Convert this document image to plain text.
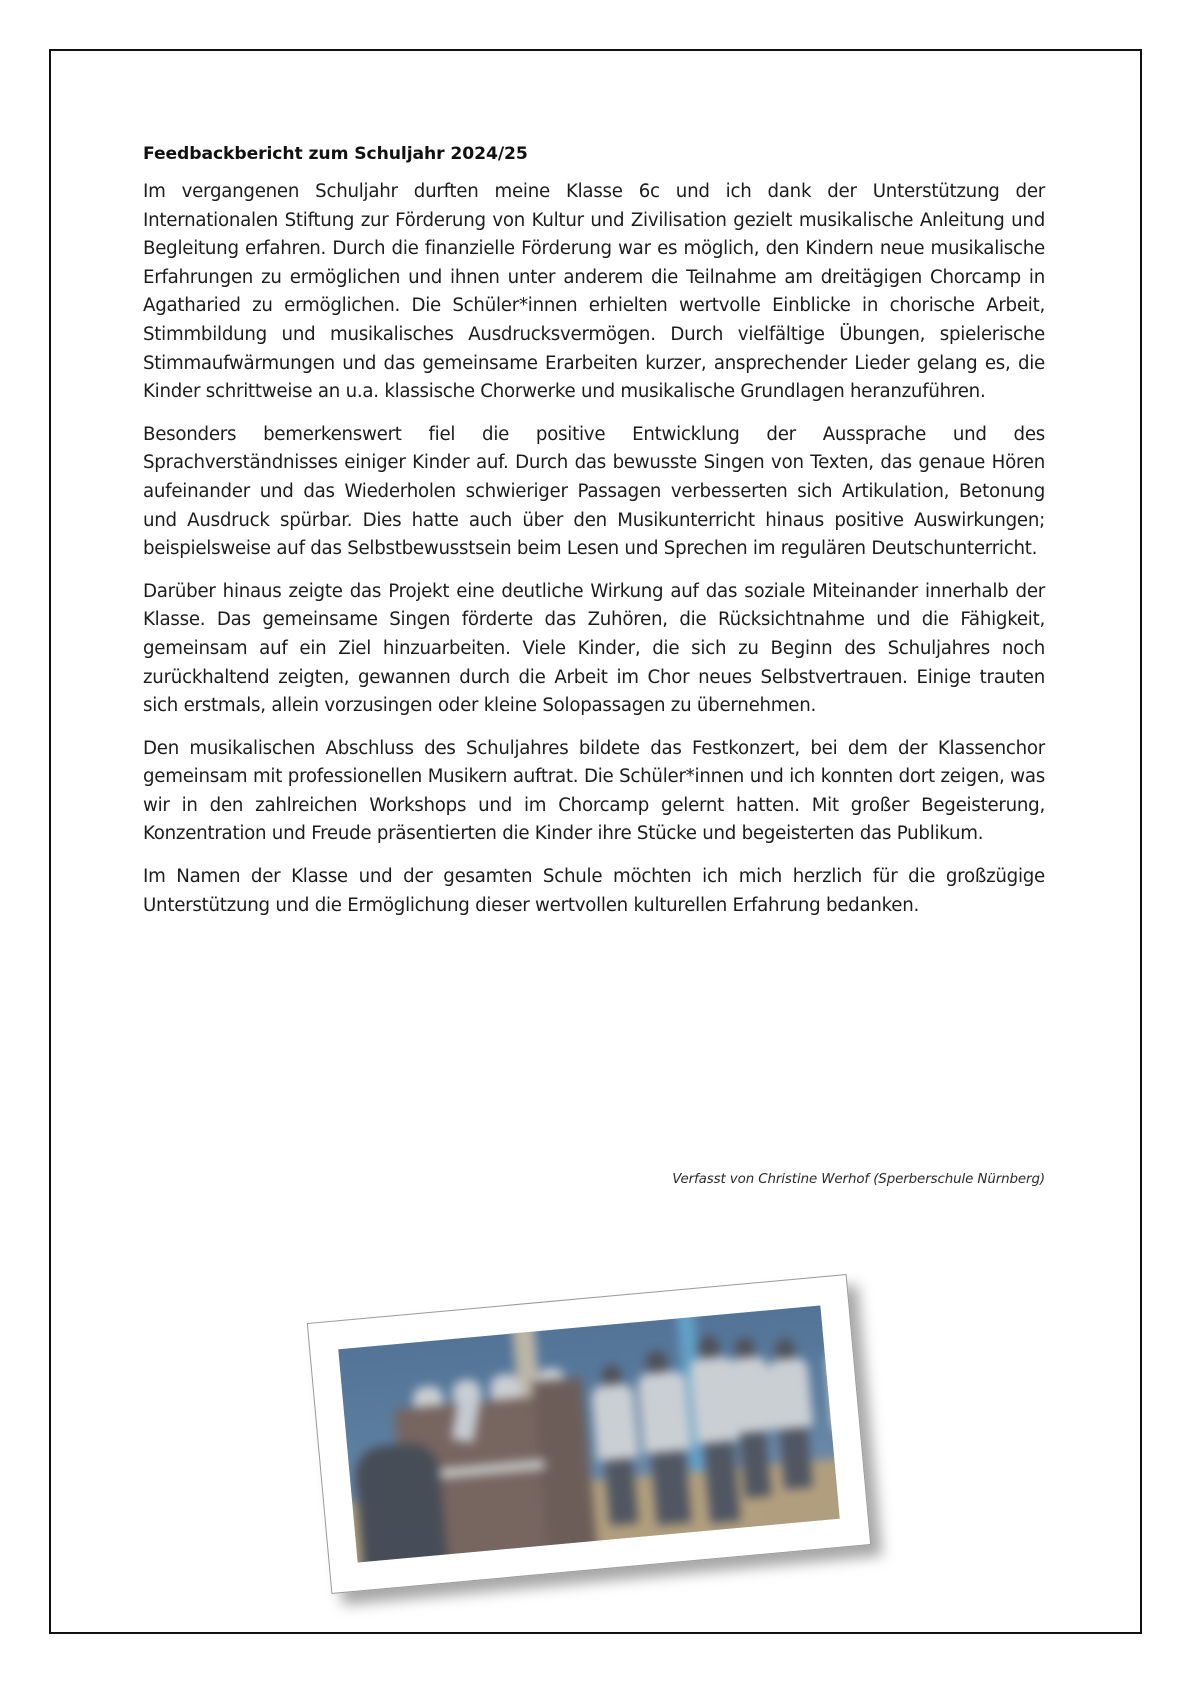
Feedbackbericht zum Schuljahr 2024/25

Im vergangenen Schuljahr durften meine Klasse 6c und ich dank der Unterstützung der Internationalen Stiftung zur Förderung von Kultur und Zivilisation gezielt musikalische Anleitung und Begleitung erfahren. Durch die finanzielle Förderung war es möglich, den Kindern neue musikalische Erfahrungen zu ermöglichen und ihnen unter anderem die Teilnahme am dreitägigen Chorcamp in Agatharied zu ermöglichen. Die Schüler*innen erhielten wertvolle Einblicke in chorische Arbeit, Stimmbildung und musikalisches Ausdrucksvermögen. Durch vielfältige Übungen, spielerische Stimmaufwärmungen und das gemeinsame Erarbeiten kurzer, ansprechender Lieder gelang es, die Kinder schrittweise an u.a. klassische Chorwerke und musikalische Grundlagen heranzuführen.

Besonders bemerkenswert fiel die positive Entwicklung der Aussprache und des Sprachverständnisses einiger Kinder auf. Durch das bewusste Singen von Texten, das genaue Hören aufeinander und das Wiederholen schwieriger Passagen verbesserten sich Artikulation, Betonung und Ausdruck spürbar. Dies hatte auch über den Musikunterricht hinaus positive Auswirkungen; beispielsweise auf das Selbstbewusstsein beim Lesen und Sprechen im regulären Deutschunterricht.

Darüber hinaus zeigte das Projekt eine deutliche Wirkung auf das soziale Miteinander innerhalb der Klasse. Das gemeinsame Singen förderte das Zuhören, die Rücksichtnahme und die Fähigkeit, gemeinsam auf ein Ziel hinzuarbeiten. Viele Kinder, die sich zu Beginn des Schuljahres noch zurückhaltend zeigten, gewannen durch die Arbeit im Chor neues Selbstvertrauen. Einige trauten sich erstmals, allein vorzusingen oder kleine Solopassagen zu übernehmen.

Den musikalischen Abschluss des Schuljahres bildete das Festkonzert, bei dem der Klassenchor gemeinsam mit professionellen Musikern auftrat. Die Schüler*innen und ich konnten dort zeigen, was wir in den zahlreichen Workshops und im Chorcamp gelernt hatten. Mit großer Begeisterung, Konzentration und Freude präsentierten die Kinder ihre Stücke und begeisterten das Publikum.

Im Namen der Klasse und der gesamten Schule möchten ich mich herzlich für die großzügige Unterstützung und die Ermöglichung dieser wertvollen kulturellen Erfahrung bedanken.

Verfasst von Christine Werhof (Sperberschule Nürnberg)
